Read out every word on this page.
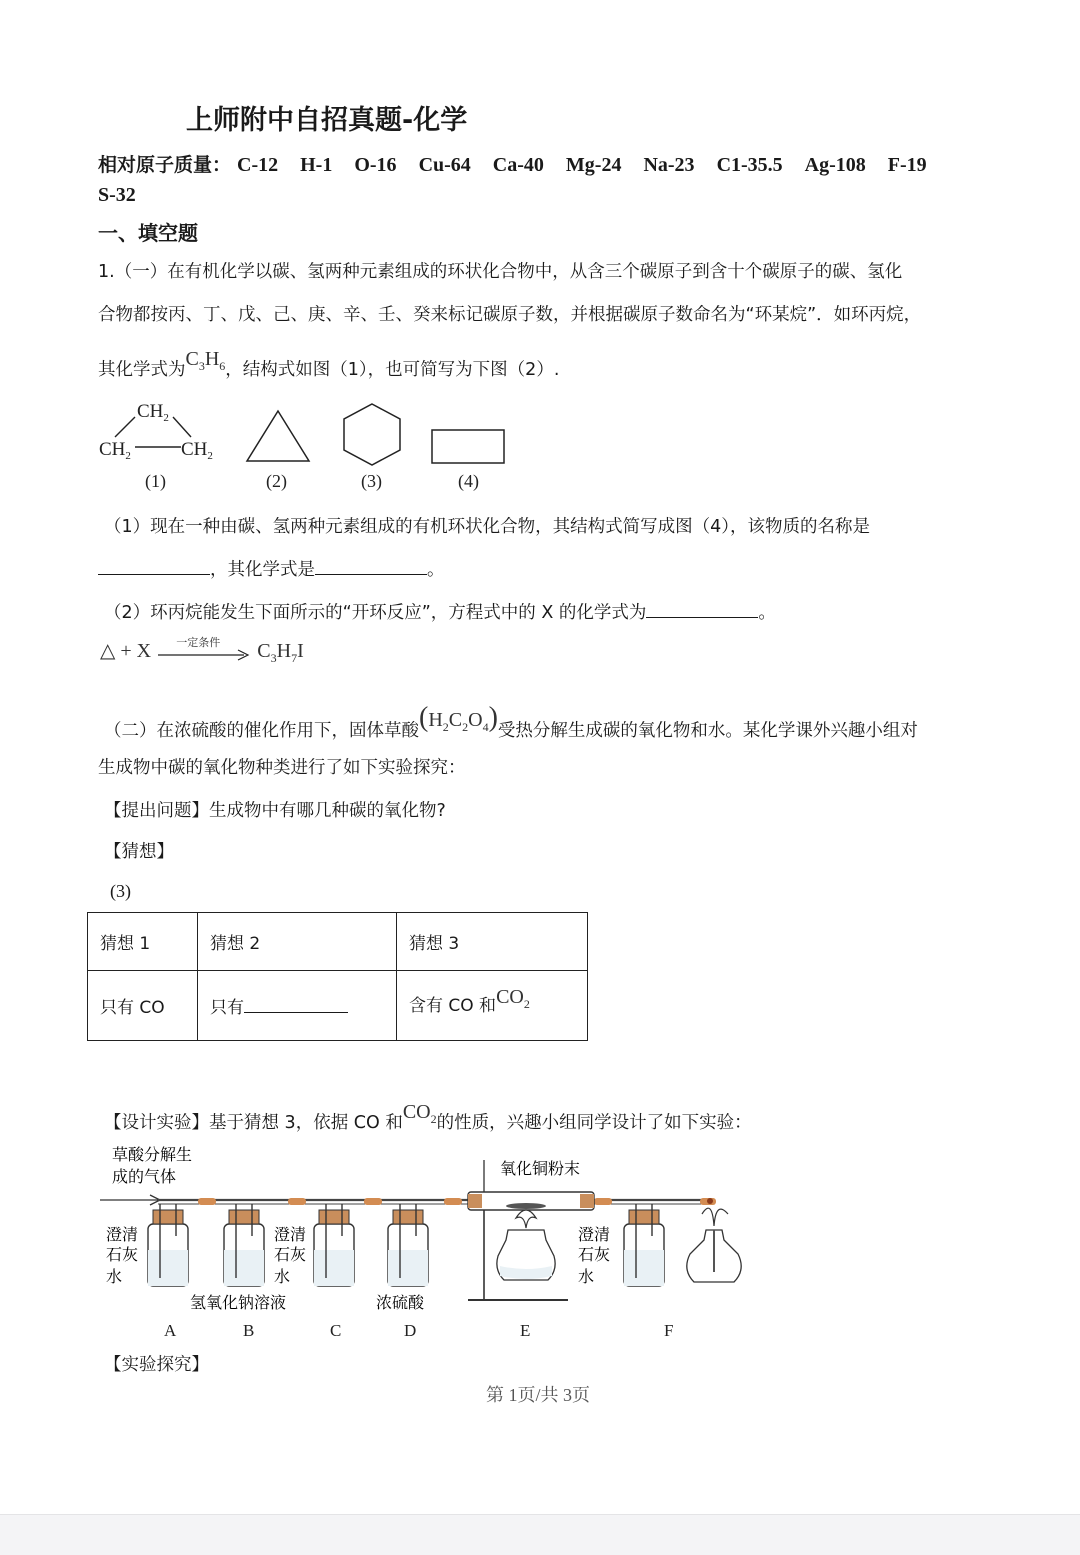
上师附中自招真题-化学
相对原子质量： C-12 H-1 O-16 Cu-64 Ca-40 Mg-24 Na-23 C1-35.5 Ag-108 F-19
S-32
一、填空题
1.（一）在有机化学以碳、氢两种元素组成的环状化合物中，从含三个碳原子到含十个碳原子的碳、氢化
合物都按丙、丁、戊、己、庚、辛、壬、癸来标记碳原子数，并根据碳原子数命名为“环某烷”．如环丙烷，
其化学式为$C_3H_6$，结构式如图（1），也可简写为下图（2）.
$CH_2$
$CH_2$	$CH_2$
(1)	(2)	(3)	(4)
（1）现在一种由碳、氢两种元素组成的有机环状化合物，其结构式简写成图（4），该物质的名称是
，其化学式是	。
（2）环丙烷能发生下面所示的“开环反应”，方程式中的 X 的化学式为	。
△ + X 一定条件 $C_3H_7I$
（二）在浓硫酸的催化作用下，固体草酸$(H_2C_2O_4)$受热分解生成碳的氧化物和水。某化学课外兴趣小组对
生成物中碳的氧化物种类进行了如下实验探究：
【提出问题】生成物中有哪几种碳的氧化物?
【猜想】
(3)
猜想 1	猜想 2	猜想 3
只有 CO	只有	含有 CO 和$CO_2$
【设计实验】基于猜想 3，依据 CO 和$CO_2$的性质，兴趣小组同学设计了如下实验：
草酸分解生
成的气体
澄清
石灰
水
澄清
石灰
水
澄清
石灰
水
氢氧化钠溶液	浓硫酸
氧化铜粉末
A	B	C	D	E	F
【实验探究】
第 1页/共 3页
